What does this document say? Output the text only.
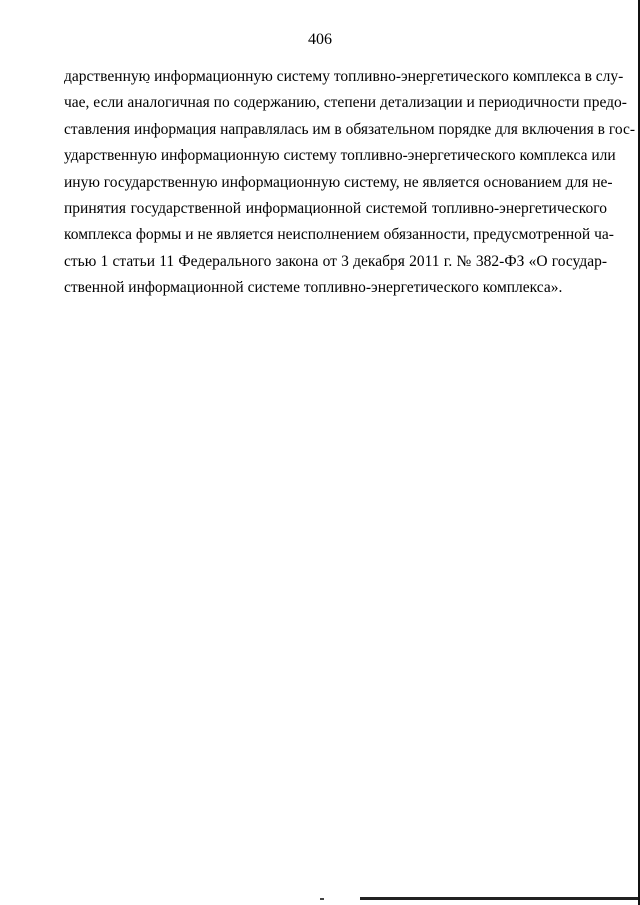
406

дарственную информационную систему топливно-энергетического комплекса в слу-
чае, если аналогичная по содержанию, степени детализации и периодичности предо-
ставления информация направлялась им в обязательном порядке для включения в гос-
ударственную информационную систему топливно-энергетического комплекса или
иную государственную информационную систему, не является основанием для не-
принятия государственной информационной системой топливно-энергетического
комплекса формы и не является неисполнением обязанности, предусмотренной ча-
стью 1 статьи 11 Федерального закона от 3 декабря 2011 г. № 382-ФЗ «О государ-
ственной информационной системе топливно-энергетического комплекса».
